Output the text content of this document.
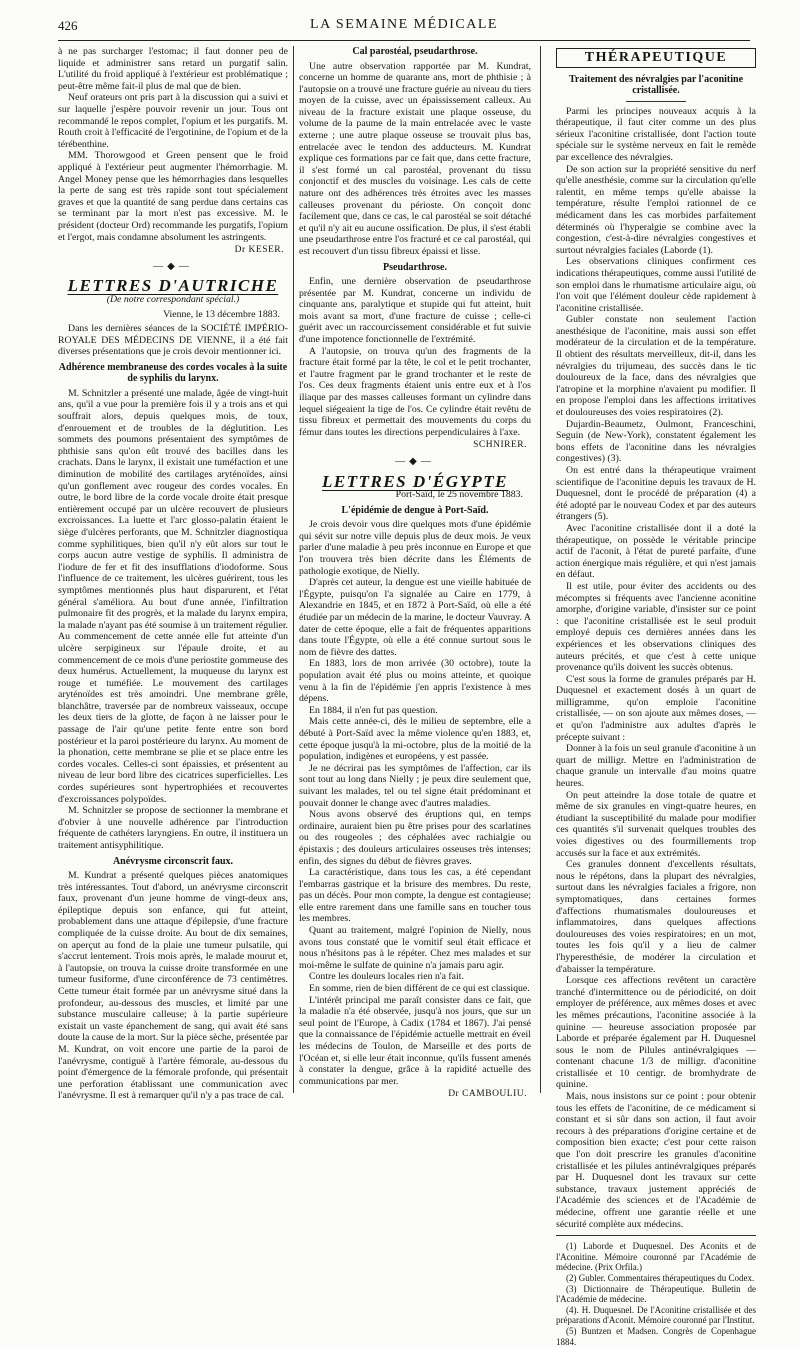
426	LA SEMAINE MÉDICALE

à ne pas surcharger l'estomac; il faut donner peu de liquide et administrer sans retard un purgatif salin. L'utilité du froid appliqué à l'extérieur est problématique ; peut-être même fait-il plus de mal que de bien.

Neuf orateurs ont pris part à la discussion qui a suivi et sur laquelle j'espère pouvoir revenir un jour. Tous ont recommandé le repos complet, l'opium et les purgatifs. M. Routh croit à l'efficacité de l'ergotinine, de l'opium et de la térébenthine.

MM. Thorowgood et Green pensent que le froid appliqué à l'extérieur peut augmenter l'hémorrhagie. M. Angel Money pense que les hémorrhagies dans lesquelles la perte de sang est très rapide sont tout spécialement graves et que la quantité de sang perdue dans certains cas se terminant par la mort n'est pas excessive. M. le président (docteur Ord) recommande les purgatifs, l'opium et l'ergot, mais condamne absolument les astringents.

Dr KESER.
—◆—
LETTRES D'AUTRICHE
(De notre correspondant spécial.)
Vienne, le 13 décembre 1883.

Dans les dernières séances de la SOCIÉTÉ IMPÉRIO-ROYALE DES MÉDECINS DE VIENNE, il a été fait diverses présentations que je crois devoir mentionner ici.

Adhérence membraneuse des cordes vocales à la suite de syphilis du larynx.

M. Schnitzler a présenté une malade, âgée de vingt-huit ans, qu'il a vue pour la première fois il y a trois ans et qui souffrait alors, depuis quelques mois, de toux, d'enrouement et de troubles de la déglutition. Les sommets des poumons présentaient des symptômes de phthisie sans qu'on eût trouvé des bacilles dans les crachats. Dans le larynx, il existait une tuméfaction et une diminution de mobilité des cartilages aryténoïdes, ainsi qu'un gonflement avec rougeur des cordes vocales. En outre, le bord libre de la corde vocale droite était presque entièrement occupé par un ulcère recouvert de plusieurs excroissances. La luette et l'arc glosso-palatin étaient le siège d'ulcères perforants, que M. Schnitzler diagnostiqua comme syphilitiques, bien qu'il n'y eût alors sur tout le corps aucun autre vestige de syphilis. Il administra de l'iodure de fer et fit des insufflations d'iodoforme. Sous l'influence de ce traitement, les ulcères guérirent, tous les symptômes mentionnés plus haut disparurent, et l'état général s'améliora. Au bout d'une année, l'infiltration pulmonaire fit des progrès, et la malade du larynx empira, la malade n'ayant pas été soumise à un traitement régulier. Au commencement de cette année elle fut atteinte d'un ulcère serpigineux sur l'épaule droite, et au commencement de ce mois d'une periostite gommeuse des deux humérus. Actuellement, la muqueuse du larynx est rouge et tuméfiée. Le mouvement des cartilages aryténoïdes est très amoindri. Une membrane grêle, blanchâtre, traversée par de nombreux vaisseaux, occupe les deux tiers de la glotte, de façon à ne laisser pour le passage de l'air qu'une petite fente entre son bord postérieur et la paroi postérieure du larynx. Au moment de la phonation, cette membrane se plie et se place entre les cordes vocales. Celles-ci sont épaissies, et présentent au niveau de leur bord libre des cicatrices superficielles. Les cordes supérieures sont hypertrophiées et recouvertes d'excroissances polypoïdes.

M. Schnitzler se propose de sectionner la membrane et d'obvier à une nouvelle adhérence par l'introduction fréquente de cathéters laryngiens. En outre, il instituera un traitement antisyphilitique.

Anévrysme circonscrit faux.

M. Kundrat a présenté quelques pièces anatomiques très intéressantes. Tout d'abord, un anévrysme circonscrit faux, provenant d'un jeune homme de vingt-deux ans, épileptique depuis son enfance, qui fut atteint, probablement dans une attaque d'épilepsie, d'une fracture compliquée de la cuisse droite. Au bout de dix semaines, on aperçut au fond de la plaie une tumeur pulsatile, qui s'accrut lentement. Trois mois après, le malade mourut et, à l'autopsie, on trouva la cuisse droite transformée en une tumeur fusiforme, d'une circonférence de 73 centimètres. Cette tumeur était formée par un anévrysme situé dans la profondeur, au-dessous des muscles, et limité par une substance musculaire calleuse; à la partie supérieure existait un vaste épanchement de sang, qui avait été sans doute la cause de la mort. Sur la pièce sèche, présentée par M. Kundrat, on voit encore une partie de la paroi de l'anévrysme, contiguë à l'artère fémorale, au-dessous du point d'émergence de la fémorale profonde, qui présentait une perforation établissant une communication avec l'anévrysme. Il est à remarquer qu'il n'y a pas trace de cal.

Cal parostéal, pseudarthrose.

Une autre observation rapportée par M. Kundrat, concerne un homme de quarante ans, mort de phthisie ; à l'autopsie on a trouvé une fracture guérie au niveau du tiers moyen de la cuisse, avec un épaississement calleux. Au niveau de la fracture existait une plaque osseuse, du volume de la paume de la main entrelacée avec le vaste externe ; une autre plaque osseuse se trouvait plus bas, entrelacée avec le tendon des adducteurs. M. Kundrat explique ces formations par ce fait que, dans cette fracture, il s'est formé un cal parostéal, provenant du tissu conjonctif et des muscles du voisinage. Les cals de cette nature ont des adhérences très étroites avec les masses calleuses provenant du périoste. On conçoit donc facilement que, dans ce cas, le cal parostéal se soit détaché et qu'il n'y ait eu aucune ossification. De plus, il s'est établi une pseudarthrose entre l'os fracturé et ce cal parostéal, qui est recouvert d'un tissu fibreux épaissi et lisse.

Pseudarthrose.

Enfin, une dernière observation de pseudarthrose présentée par M. Kundrat, concerne un individu de cinquante ans, paralytique et stupide qui fut atteint, huit mois avant sa mort, d'une fracture de cuisse ; celle-ci guérit avec un raccourcissement considérable et fut suivie d'une impotence fonctionnelle de l'extrémité.

A l'autopsie, on trouva qu'un des fragments de la fracture était formé par la tête, le col et le petit trochanter, et l'autre fragment par le grand trochanter et le reste de l'os. Ces deux fragments étaient unis entre eux et à l'os iliaque par des masses calleuses formant un cylindre dans lequel siégeaient la tige de l'os. Ce cylindre était revêtu de tissu fibreux et permettait des mouvements du corps du fémur dans toutes les directions perpendiculaires à l'axe.

SCHNIRER.
—◆—
LETTRES D'ÉGYPTE
Port-Saïd, le 25 novembre 1883.
L'épidémie de dengue à Port-Saïd.

Je crois devoir vous dire quelques mots d'une épidémie qui sévit sur notre ville depuis plus de deux mois. Je veux parler d'une maladie à peu près inconnue en Europe et que l'on trouvera très bien décrite dans les Éléments de pathologie exotique, de Nielly.

D'après cet auteur, la dengue est une vieille habituée de l'Égypte, puisqu'on l'a signalée au Caire en 1779, à Alexandrie en 1845, et en 1872 à Port-Saïd, où elle a été étudiée par un médecin de la marine, le docteur Vauvray. A dater de cette époque, elle a fait de fréquentes apparitions dans toute l'Égypte, où elle a été connue surtout sous le nom de fièvre des dattes.

En 1883, lors de mon arrivée (30 octobre), toute la population avait été plus ou moins atteinte, et quoique venu à la fin de l'épidémie j'en appris l'existence à mes dépens.

En 1884, il n'en fut pas question.

Mais cette année-ci, dès le milieu de septembre, elle a débuté à Port-Saïd avec la même violence qu'en 1883, et, cette époque jusqu'à la mi-octobre, plus de la moitié de la population, indigènes et européens, y est passée.

Je ne décrirai pas les symptômes de l'affection, car ils sont tout au long dans Nielly ; je peux dire seulement que, suivant les malades, tel ou tel signe était prédominant et pouvait donner le change avec d'autres maladies.

Nous avons observé des éruptions qui, en temps ordinaire, auraient bien pu être prises pour des scarlatines ou des rougeoles ; des céphalées avec rachialgie ou épistaxis ; des douleurs articulaires osseuses très intenses; enfin, des signes du début de fièvres graves.

La caractéristique, dans tous les cas, a été cependant l'embarras gastrique et la brisure des membres. Du reste, pas un décès. Pour mon compte, la dengue est contagieuse; elle entre rarement dans une famille sans en toucher tous les membres.

Quant au traitement, malgré l'opinion de Nielly, nous avons tous constaté que le vomitif seul était efficace et nous n'hésitons pas à le répéter. Chez mes malades et sur moi-même le sulfate de quinine n'a jamais paru agir.

Contre les douleurs locales rien n'a fait.

En somme, rien de bien différent de ce qui est classique.

L'intérêt principal me paraît consister dans ce fait, que la maladie n'a été observée, jusqu'à nos jours, que sur un seul point de l'Europe, à Cadix (1784 et 1867). J'ai pensé que la connaissance de l'épidémie actuelle mettrait en éveil les médecins de Toulon, de Marseille et des ports de l'Océan et, si elle leur était inconnue, qu'ils fussent amenés à constater la dengue, grâce à la rapidité actuelle des communications par mer.

Dr CAMBOULIU.
THÉRAPEUTIQUE
Traitement des névralgies par l'aconitine cristallisée.

Parmi les principes nouveaux acquis à la thérapeutique, il faut citer comme un des plus sérieux l'aconitine cristallisée, dont l'action toute spéciale sur le système nerveux en fait le remède par excellence des névralgies.

De son action sur la propriété sensitive du nerf qu'elle anesthésie, comme sur la circulation qu'elle ralentit, en même temps qu'elle abaisse la température, résulte l'emploi rationnel de ce médicament dans les cas morbides parfaitement déterminés où l'hyperalgie se combine avec la congestion, c'est-à-dire névralgies congestives et surtout névralgies faciales (Laborde (1).

Les observations cliniques confirment ces indications thérapeutiques, comme aussi l'utilité de son emploi dans le rhumatisme articulaire aigu, où l'on voit que l'élément douleur cède rapidement à l'aconitine cristallisée.

Gubler constate non seulement l'action anesthésique de l'aconitine, mais aussi son effet modérateur de la circulation et de la température. Il obtient des résultats merveilleux, dit-il, dans les névralgies du trijumeau, des succès dans le tic douloureux de la face, dans des névralgies que l'atropine et la morphine n'avaient pu modifier. Il en propose l'emploi dans les affections irritatives et douloureuses des voies respiratoires (2).

Dujardin-Beaumetz, Oulmont, Franceschini, Seguin (de New-York), constatent également les bons effets de l'aconitine dans les névralgies congestives) (3).

On est entré dans la thérapeutique vraiment scientifique de l'aconitine depuis les travaux de H. Duquesnel, dont le procédé de préparation (4) a été adopté par le nouveau Codex et par des auteurs étrangers (5).

Avec l'aconitine cristallisée dont il a doté la thérapeutique, on possède le véritable principe actif de l'aconit, à l'état de pureté parfaite, d'une action énergique mais régulière, et qui n'est jamais en défaut.

Il est utile, pour éviter des accidents ou des mécomptes si fréquents avec l'ancienne aconitine amorphe, d'origine variable, d'insister sur ce point : que l'aconitine cristallisée est le seul produit employé depuis ces dernières années dans les expériences et les observations cliniques des auteurs précités, et que c'est à cette unique provenance qu'ils doivent les succès obtenus.

C'est sous la forme de granules préparés par H. Duquesnel et exactement dosés à un quart de milligramme, qu'on emploie l'aconitine cristallisée, — on son ajoute aux mêmes doses, — et qu'on l'administre aux adultes d'après le précepte suivant :

Donner à la fois un seul granule d'aconitine à un quart de milligr. Mettre en l'administration de chaque granule un intervalle d'au moins quatre heures.

On peut atteindre la dose totale de quatre et même de six granules en vingt-quatre heures, en étudiant la susceptibilité du malade pour modifier ces quantités s'il survenait quelques troubles des voies digestives ou des fourmillements trop accusés sur la face et aux extrémités.

Ces granules donnent d'excellents résultats, nous le répétons, dans la plupart des névralgies, surtout dans les névralgies faciales a frigore, non symptomatiques, dans certaines formes d'affections rhumatismales douloureuses et inflammatoires, dans quelques affections douloureuses des voies respiratoires; en un mot, toutes les fois qu'il y a lieu de calmer l'hyperesthésie, de modérer la circulation et d'abaisser la température.

Lorsque ces affections revêtent un caractère tranché d'intermittence ou de périodicité, on doit employer de préférence, aux mêmes doses et avec les mêmes précautions, l'aconitine associée à la quinine — heureuse association proposée par Laborde et préparée également par H. Duquesnel sous le nom de Pilules antinévralgiques — contenant chacune 1/3 de milligr. d'aconitine cristallisée et 10 centigr. de bromhydrate de quinine.

Mais, nous insistons sur ce point : pour obtenir tous les effets de l'aconitine, de ce médicament si constant et si sûr dans son action, il faut avoir recours à des préparations d'origine certaine et de composition bien exacte; c'est pour cette raison que l'on doit prescrire les granules d'aconitine cristallisée et les pilules antinévralgiques préparés par H. Duquesnel dont les travaux sur cette substance, travaux justement appréciés de l'Académie des sciences et de l'Académie de médecine, offrent une garantie réelle et une sécurité complète aux médecins.

(1) Laborde et Duquesnel. Des Aconits et de l'Aconitine. Mémoire couronné par l'Académie de médecine. (Prix Orfila.)

(2) Gubler. Commentaires thérapeutiques du Codex.

(3) Dictionnaire de Thérapeutique. Bulletin de l'Académie de médecine.

(4). H. Duquesnel. De l'Aconitine cristallisée et des préparations d'Aconit. Mémoire couronné par l'Institut.

(5) Buntzen et Madsen. Congrès de Copenhague 1884.
